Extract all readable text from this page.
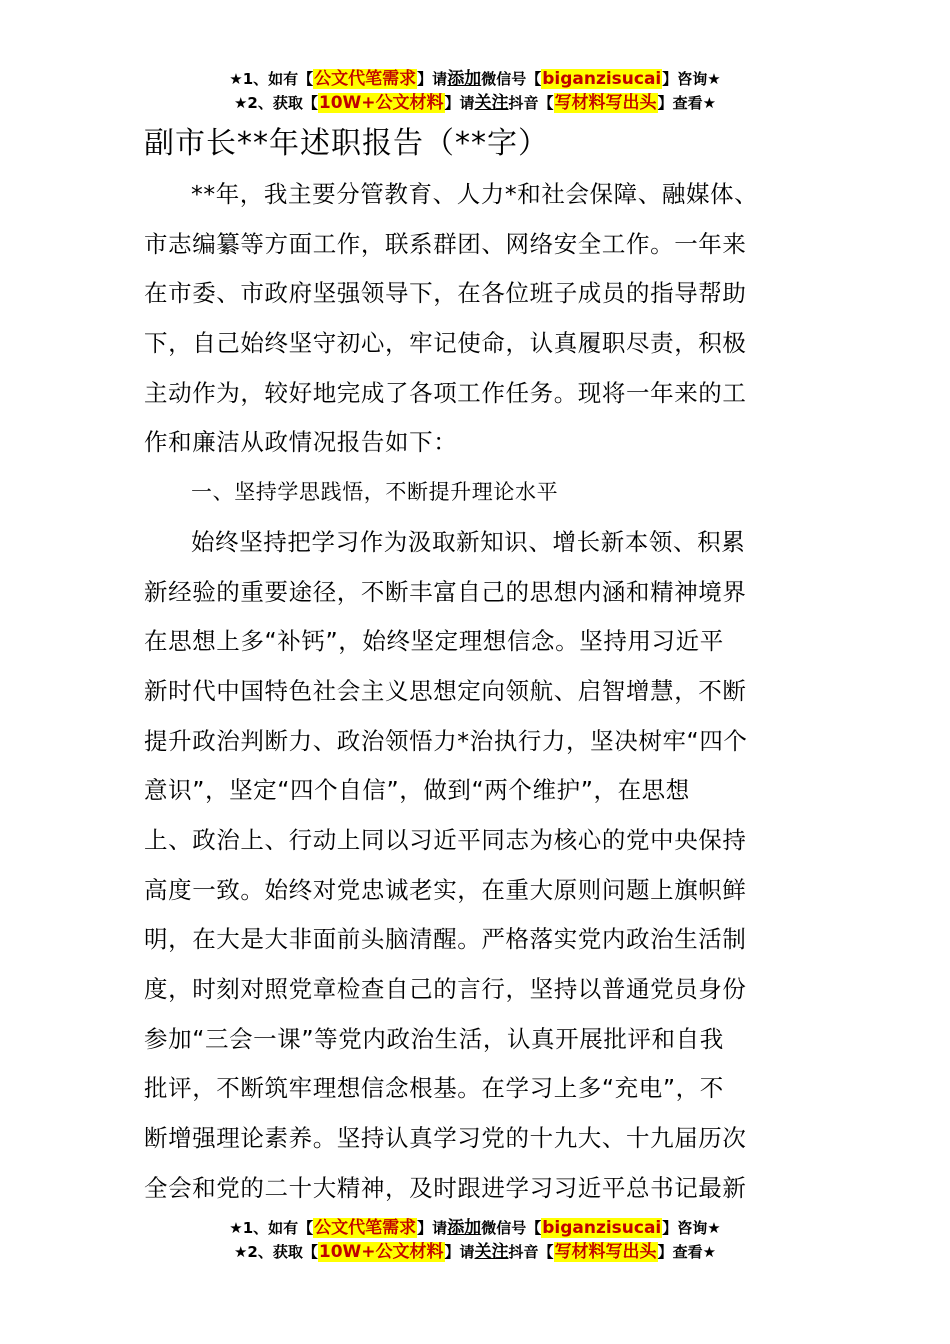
★1、如有【公文代笔需求】请添加微信号【biganzisucai】咨询★
★2、获取【10W+公文材料】请关注抖音【写材料写出头】查看★
副市长**年述职报告（**字）
**年，我主要分管教育、人力*和社会保障、融媒体、
市志编纂等方面工作，联系群团、网络安全工作。一年来
在市委、市政府坚强领导下，在各位班子成员的指导帮助
下，自己始终坚守初心，牢记使命，认真履职尽责，积极
主动作为，较好地完成了各项工作任务。现将一年来的工
作和廉洁从政情况报告如下：
一、坚持学思践悟，不断提升理论水平
始终坚持把学习作为汲取新知识、增长新本领、积累
新经验的重要途径，不断丰富自己的思想内涵和精神境界
在思想上多“补钙”，始终坚定理想信念。坚持用习近平
新时代中国特色社会主义思想定向领航、启智增慧，不断
提升政治判断力、政治领悟力*治执行力，坚决树牢“四个
意识”，坚定“四个自信”，做到“两个维护”，在思想
上、政治上、行动上同以习近平同志为核心的党中央保持
高度一致。始终对党忠诚老实，在重大原则问题上旗帜鲜
明，在大是大非面前头脑清醒。严格落实党内政治生活制
度，时刻对照党章检查自己的言行，坚持以普通党员身份
参加“三会一课”等党内政治生活，认真开展批评和自我
批评，不断筑牢理想信念根基。在学习上多“充电”，不
断增强理论素养。坚持认真学习党的十九大、十九届历次
全会和党的二十大精神，及时跟进学习习近平总书记最新
★1、如有【公文代笔需求】请添加微信号【biganzisucai】咨询★
★2、获取【10W+公文材料】请关注抖音【写材料写出头】查看★
